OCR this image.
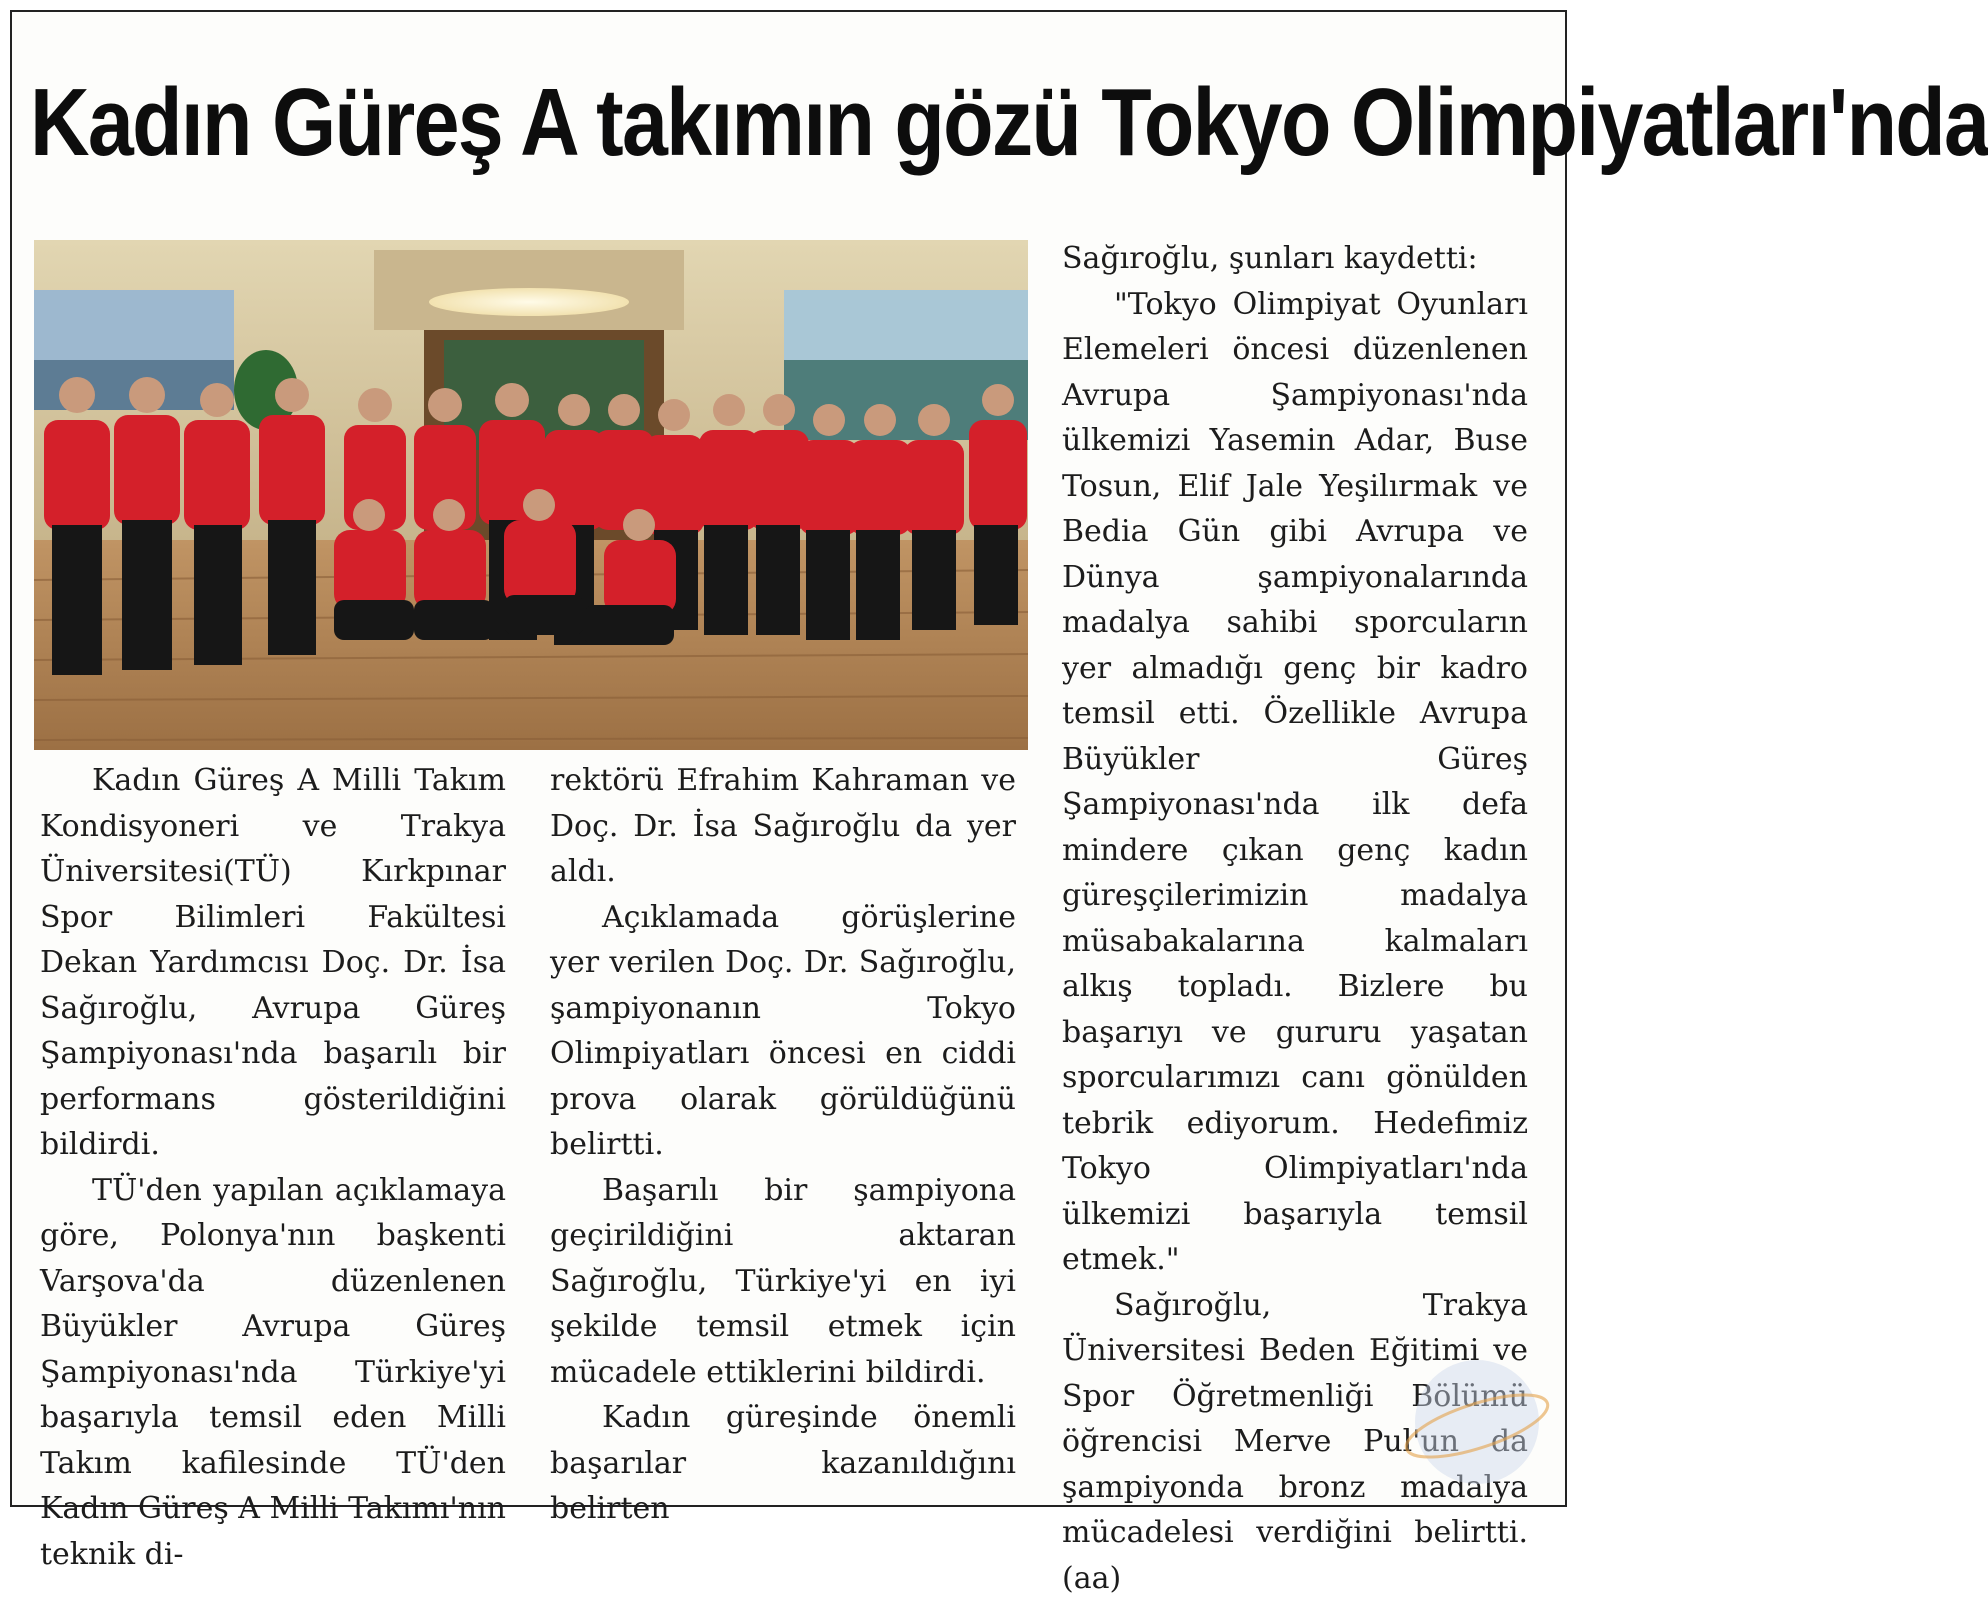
Kadın Güreş A takımın gözü Tokyo Olimpiyatları'nda

Kadın Güreş A Milli Takım Kondisyoneri ve Trakya Üniversitesi(TÜ) Kırkpınar Spor Bilimleri Fakültesi Dekan Yardımcısı Doç. Dr. İsa Sağıroğlu, Avrupa Güreş Şampiyonası'nda başarılı bir performans gösterildiğini bildirdi.

TÜ'den yapılan açıklamaya göre, Polonya'nın başkenti Varşova'da düzenlenen Büyükler Avrupa Güreş Şampiyonası'nda Türkiye'yi başarıyla temsil eden Milli Takım kafilesinde TÜ'den Kadın Güreş A Milli Takımı'nın teknik di-

rektörü Efrahim Kahraman ve Doç. Dr. İsa Sağıroğlu da yer aldı.

Açıklamada görüşlerine yer verilen Doç. Dr. Sağıroğlu, şampiyonanın Tokyo Olimpiyatları öncesi en ciddi prova olarak görüldüğünü belirtti.

Başarılı bir şampiyona geçirildiğini aktaran Sağıroğlu, Türkiye'yi en iyi şekilde temsil etmek için mücadele ettiklerini bildirdi.

Kadın güreşinde önemli başarılar kazanıldığını belirten

Sağıroğlu, şunları kaydetti:

"Tokyo Olimpiyat Oyunları Elemeleri öncesi düzenlenen Avrupa Şampiyonası'nda ülkemizi Yasemin Adar, Buse Tosun, Elif Jale Yeşilırmak ve Bedia Gün gibi Avrupa ve Dünya şampiyonalarında madalya sahibi sporcuların yer almadığı genç bir kadro temsil etti. Özellikle Avrupa Büyükler Güreş Şampiyonası'nda ilk defa mindere çıkan genç kadın güreşçilerimizin madalya müsabakalarına kalmaları alkış topladı. Bizlere bu başarıyı ve gururu yaşatan sporcularımızı canı gönülden tebrik ediyorum. Hedefimiz Tokyo Olimpiyatları'nda ülkemizi başarıyla temsil etmek."

Sağıroğlu, Trakya Üniversitesi Beden Eğitimi ve Spor Öğretmenliği Bölümü öğrencisi Merve Pul'un da şampiyonda bronz madalya mücadelesi verdiğini belirtti.(aa)
